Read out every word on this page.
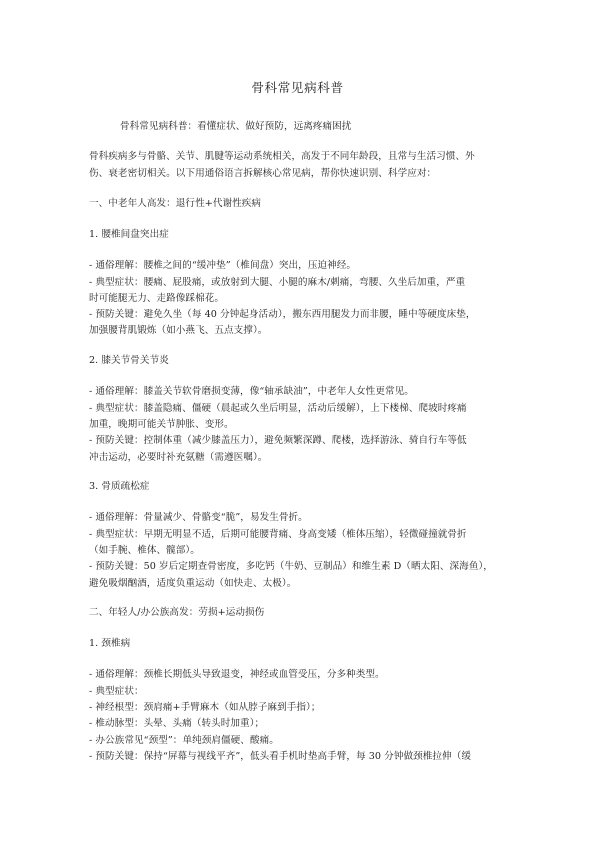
骨科常见病科普
骨科常见病科普：看懂症状、做好预防，远离疼痛困扰
骨科疾病多与骨骼、关节、肌腱等运动系统相关，高发于不同年龄段，且常与生活习惯、外
伤、衰老密切相关。以下用通俗语言拆解核心常见病，帮你快速识别、科学应对：
一、中老年人高发：退行性+代谢性疾病
1. 腰椎间盘突出症
- 通俗理解：腰椎之间的“缓冲垫”（椎间盘）突出，压迫神经。
- 典型症状：腰痛、屁股痛，或放射到大腿、小腿的麻木/刺痛，弯腰、久坐后加重，严重
时可能腿无力、走路像踩棉花。
- 预防关键：避免久坐（每 40 分钟起身活动），搬东西用腿发力而非腰，睡中等硬度床垫，
加强腰背肌锻炼（如小燕飞、五点支撑）。
2. 膝关节骨关节炎
- 通俗理解：膝盖关节软骨磨损变薄，像“轴承缺油”，中老年人女性更常见。
- 典型症状：膝盖隐痛、僵硬（晨起或久坐后明显，活动后缓解），上下楼梯、爬坡时疼痛
加重，晚期可能关节肿胀、变形。
- 预防关键：控制体重（减少膝盖压力），避免频繁深蹲、爬楼，选择游泳、骑自行车等低
冲击运动，必要时补充氨糖（需遵医嘱）。
3. 骨质疏松症
- 通俗理解：骨量减少、骨骼变“脆”，易发生骨折。
- 典型症状：早期无明显不适，后期可能腰背痛、身高变矮（椎体压缩），轻微碰撞就骨折
（如手腕、椎体、髋部）。
- 预防关键：50 岁后定期查骨密度，多吃钙（牛奶、豆制品）和维生素 D（晒太阳、深海鱼），
避免吸烟酗酒，适度负重运动（如快走、太极）。
二、年轻人/办公族高发：劳损+运动损伤
1. 颈椎病
- 通俗理解：颈椎长期低头导致退变，神经或血管受压，分多种类型。
- 典型症状：
- 神经根型：颈肩痛+手臂麻木（如从脖子麻到手指）；
- 椎动脉型：头晕、头痛（转头时加重）；
- 办公族常见“颈型”：单纯颈肩僵硬、酸痛。
- 预防关键：保持“屏幕与视线平齐”，低头看手机时垫高手臂，每 30 分钟做颈椎拉伸（缓
